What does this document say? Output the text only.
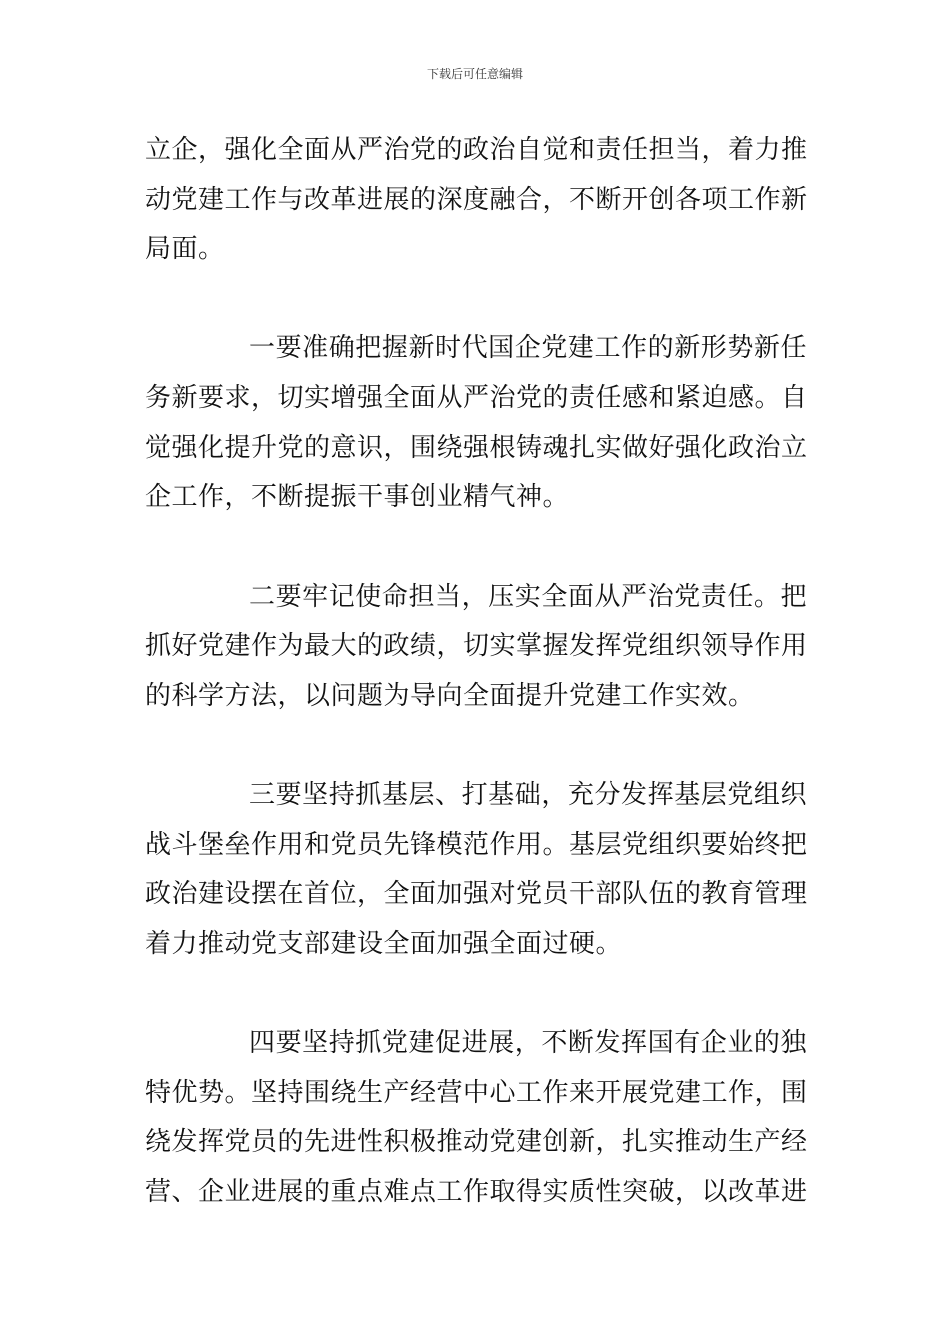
下载后可任意编辑
立企，强化全面从严治党的政治自觉和责任担当，着力推
动党建工作与改革进展的深度融合，不断开创各项工作新
局面。
一要准确把握新时代国企党建工作的新形势新任
务新要求，切实增强全面从严治党的责任感和紧迫感。自
觉强化提升党的意识，围绕强根铸魂扎实做好强化政治立
企工作，不断提振干事创业精气神。
二要牢记使命担当，压实全面从严治党责任。把
抓好党建作为最大的政绩，切实掌握发挥党组织领导作用
的科学方法，以问题为导向全面提升党建工作实效。
三要坚持抓基层、打基础，充分发挥基层党组织
战斗堡垒作用和党员先锋模范作用。基层党组织要始终把
政治建设摆在首位，全面加强对党员干部队伍的教育管理
着力推动党支部建设全面加强全面过硬。
四要坚持抓党建促进展，不断发挥国有企业的独
特优势。坚持围绕生产经营中心工作来开展党建工作，围
绕发挥党员的先进性积极推动党建创新，扎实推动生产经
营、企业进展的重点难点工作取得实质性突破，以改革进
